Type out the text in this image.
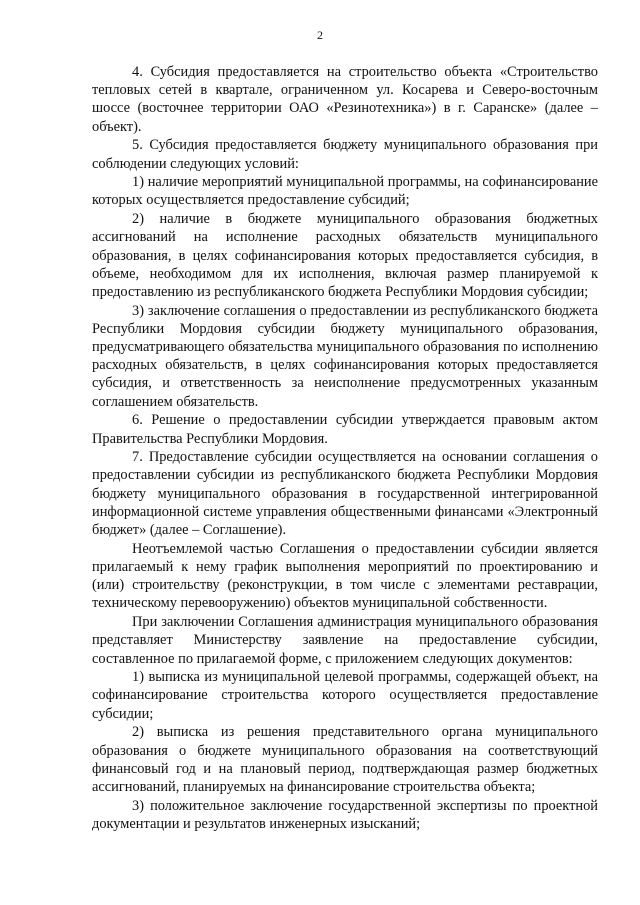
2

4. Субсидия предоставляется на строительство объекта «Строительство тепловых сетей в квартале, ограниченном ул. Косарева и Северо-восточным шоссе (восточнее территории ОАО «Резинотехника») в г. Саранске» (далее – объект).

5. Субсидия предоставляется бюджету муниципального образования при соблюдении следующих условий:

1) наличие мероприятий муниципальной программы, на софинансирование которых осуществляется предоставление субсидий;

2) наличие в бюджете муниципального образования бюджетных ассигнований на исполнение расходных обязательств муниципального образования, в целях софинансирования которых предоставляется субсидия, в объеме, необходимом для их исполнения, включая размер планируемой к предоставлению из республиканского бюджета Республики Мордовия субсидии;

3) заключение соглашения о предоставлении из республиканского бюджета Республики Мордовия субсидии бюджету муниципального образования, предусматривающего обязательства муниципального образования по исполнению расходных обязательств, в целях софинансирования которых предоставляется субсидия, и ответственность за неисполнение предусмотренных указанным соглашением обязательств.

6. Решение о предоставлении субсидии утверждается правовым актом Правительства Республики Мордовия.

7. Предоставление субсидии осуществляется на основании соглашения о предоставлении субсидии из республиканского бюджета Республики Мордовия бюджету муниципального образования в государственной интегрированной информационной системе управления общественными финансами «Электронный бюджет» (далее – Соглашение).

Неотъемлемой частью Соглашения о предоставлении субсидии является прилагаемый к нему график выполнения мероприятий по проектированию и (или) строительству (реконструкции, в том числе с элементами реставрации, техническому перевооружению) объектов муниципальной собственности.

При заключении Соглашения администрация муниципального образования представляет Министерству заявление на предоставление субсидии, составленное по прилагаемой форме, с приложением следующих документов:

1) выписка из муниципальной целевой программы, содержащей объект, на софинансирование строительства которого осуществляется предоставление субсидии;

2) выписка из решения представительного органа муниципального образования о бюджете муниципального образования на соответствующий финансовый год и на плановый период, подтверждающая размер бюджетных ассигнований, планируемых на финансирование строительства объекта;

3) положительное заключение государственной экспертизы по проектной документации и результатов инженерных изысканий;
